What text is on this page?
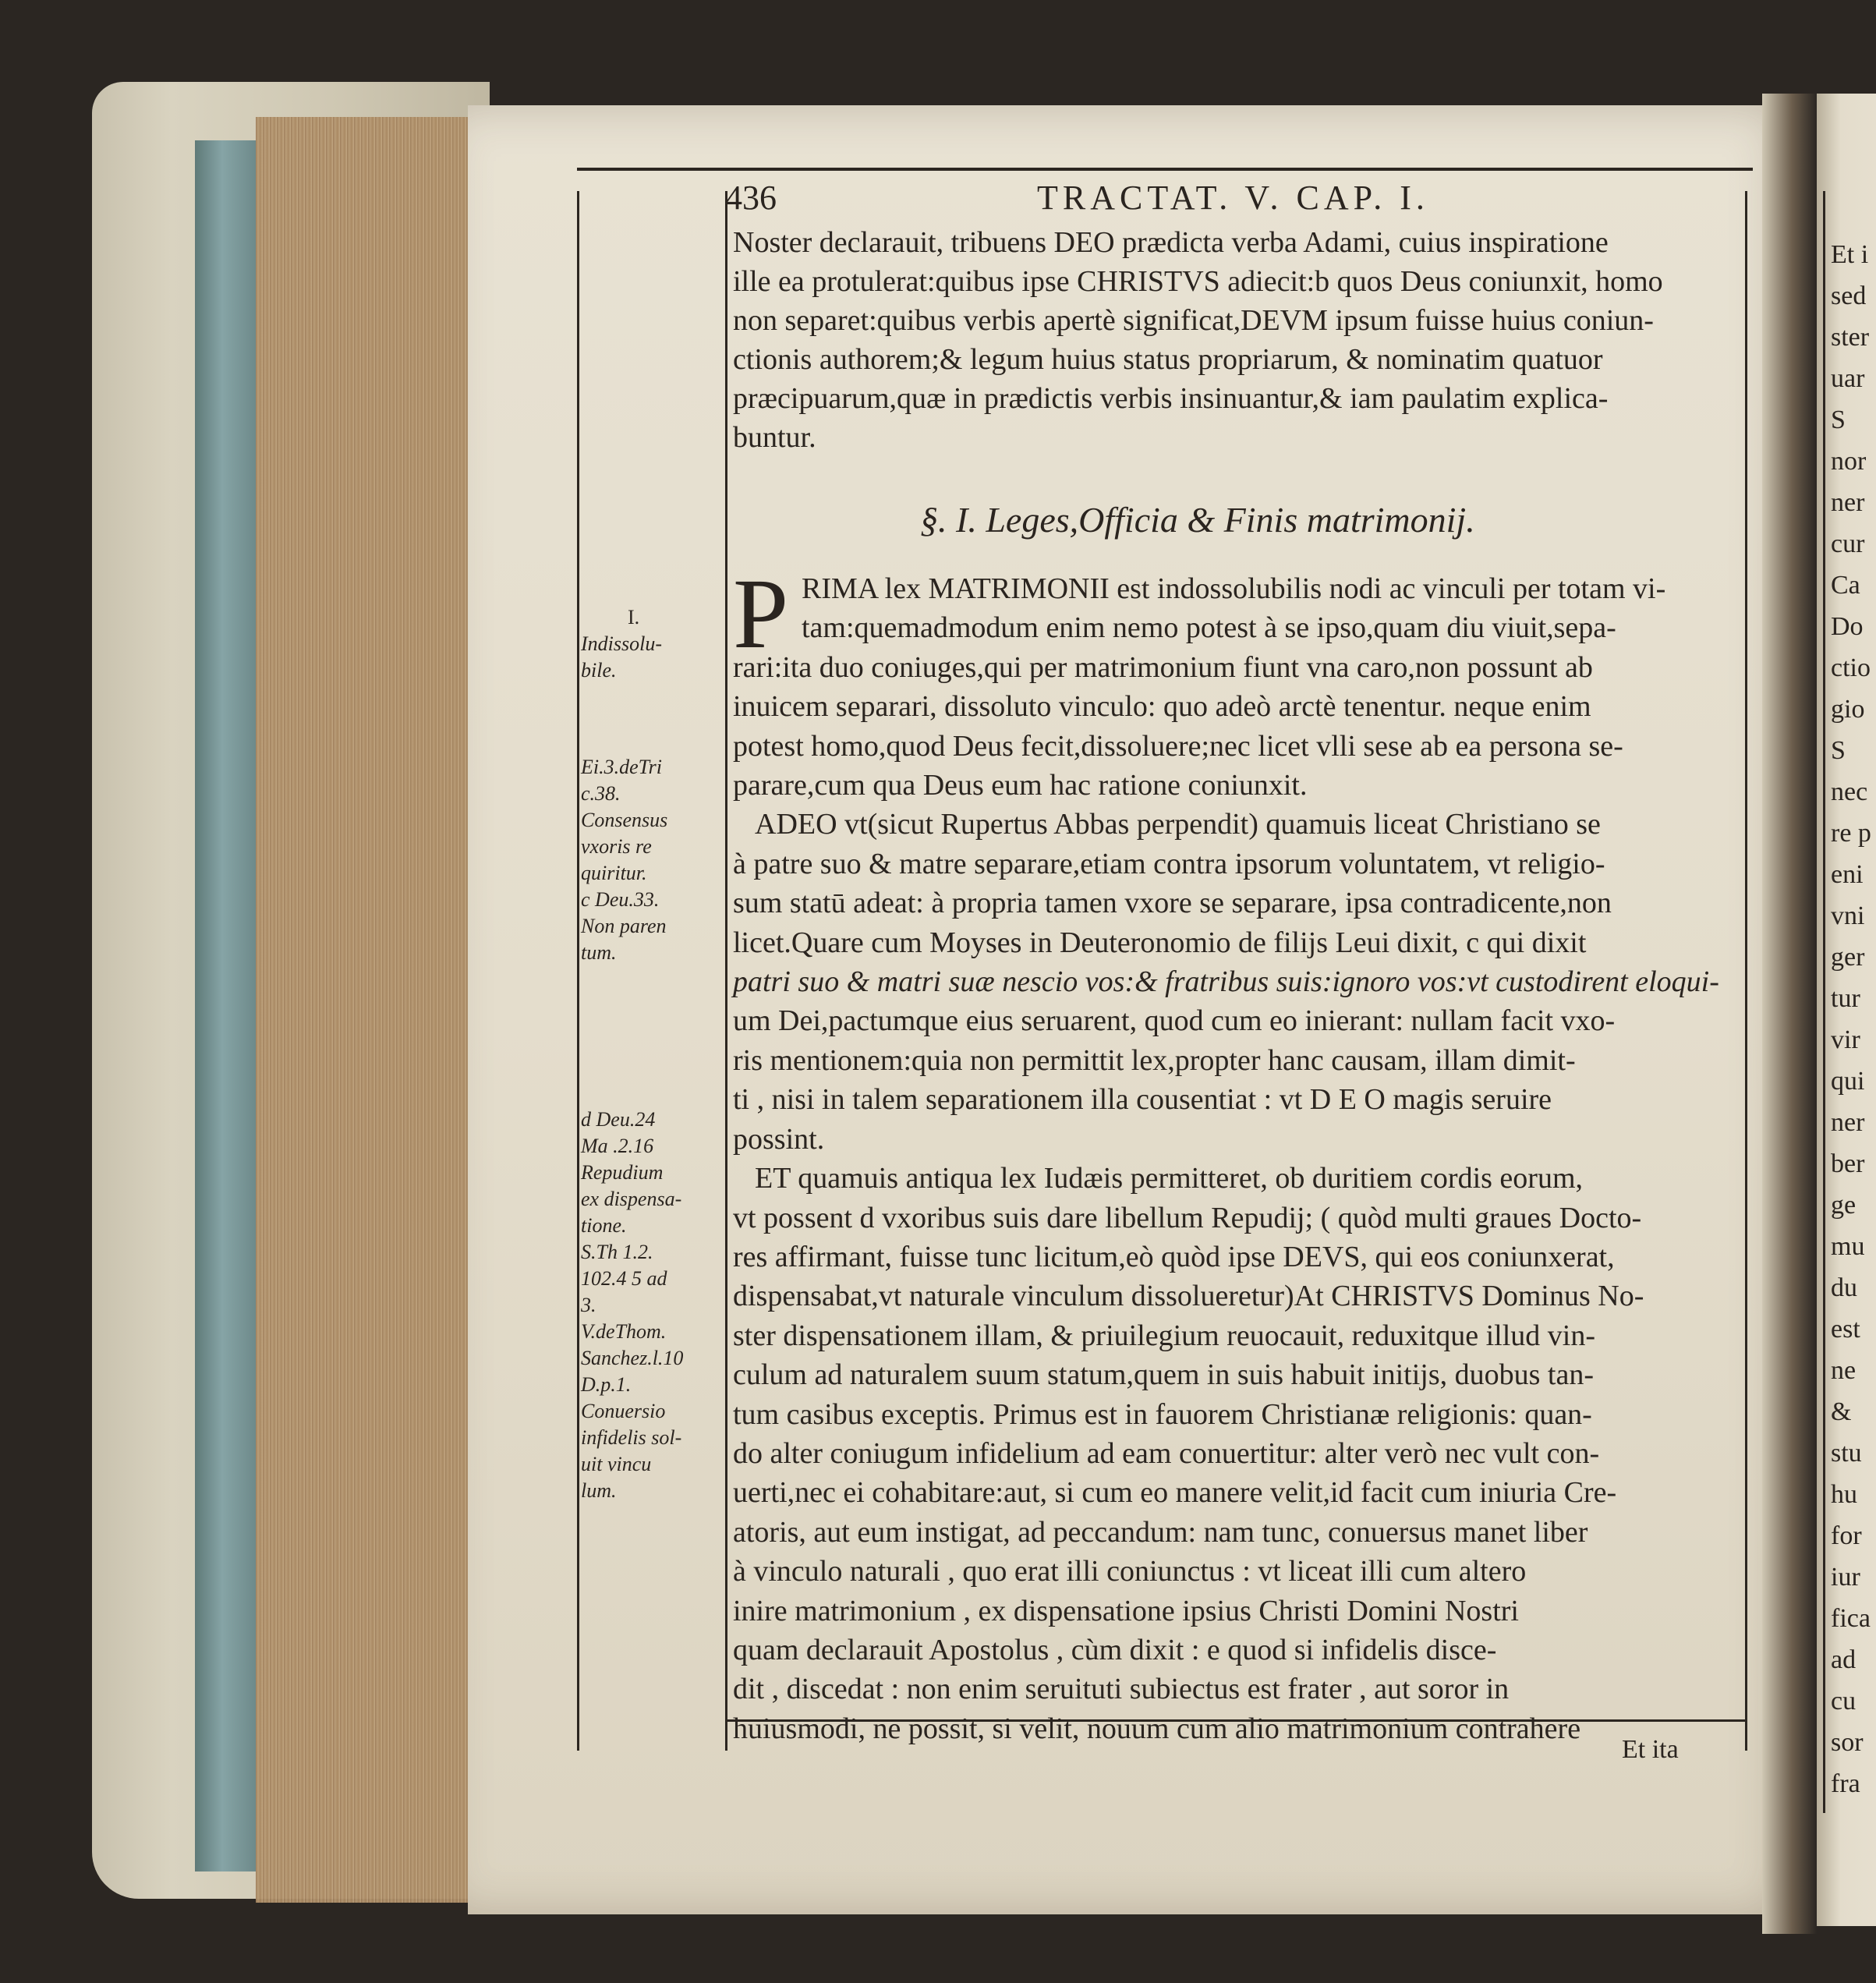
436	TRACTAT. V. CAP. I.
Noster declarauit, tribuens DEO prædicta verba Adami, cuius inspiratione
ille ea protulerat:quibus ipse CHRISTVS adiecit:b quos Deus coniunxit, homo
non separet:quibus verbis apertè significat,DEVM ipsum fuisse huius coniun-
ctionis authorem;& legum huius status propriarum, & nominatim quatuor
præcipuarum,quæ in prædictis verbis insinuantur,& iam paulatim explica-
buntur.
§. I. Leges,Officia & Finis matrimonij.
P RIMA lex MATRIMONII est indossolubilis nodi ac vinculi per totam vi-
tam:quemadmodum enim nemo potest à se ipso,quam diu viuit,sepa-
rari:ita duo coniuges,qui per matrimonium fiunt vna caro,non possunt ab
inuicem separari, dissoluto vinculo: quo adeò arctè tenentur. neque enim
potest homo,quod Deus fecit,dissoluere;nec licet vlli sese ab ea persona se-
parare,cum qua Deus eum hac ratione coniunxit.
ADEO vt(sicut Rupertus Abbas perpendit) quamuis liceat Christiano se
à patre suo & matre separare,etiam contra ipsorum voluntatem, vt religio-
sum statū adeat: à propria tamen vxore se separare, ipsa contradicente,non
licet.Quare cum Moyses in Deuteronomio de filijs Leui dixit, c qui dixit
patri suo & matri suæ nescio vos:& fratribus suis:ignoro vos:vt custodirent eloqui-
um Dei,pactumque eius seruarent, quod cum eo inierant: nullam facit vxo-
ris mentionem:quia non permittit lex,propter hanc causam, illam dimit-
ti , nisi in talem separationem illa cousentiat : vt D E O magis seruire
possint.
ET quamuis antiqua lex Iudæis permitteret, ob duritiem cordis eorum,
vt possent d vxoribus suis dare libellum Repudij; ( quòd multi graues Docto-
res affirmant, fuisse tunc licitum,eò quòd ipse DEVS, qui eos coniunxerat,
dispensabat,vt naturale vinculum dissolueretur)At CHRISTVS Dominus No-
ster dispensationem illam, & priuilegium reuocauit, reduxitque illud vin-
culum ad naturalem suum statum,quem in suis habuit initijs, duobus tan-
tum casibus exceptis. Primus est in fauorem Christianæ religionis: quan-
do alter coniugum infidelium ad eam conuertitur: alter verò nec vult con-
uerti,nec ei cohabitare:aut, si cum eo manere velit,id facit cum iniuria Cre-
atoris, aut eum instigat, ad peccandum: nam tunc, conuersus manet liber
à vinculo naturali , quo erat illi coniunctus : vt liceat illi cum altero
inire matrimonium , ex dispensatione ipsius Christi Domini Nostri
quam declarauit Apostolus , cùm dixit : e quod si infidelis disce-
dit , discedat : non enim seruituti subiectus est frater , aut soror in
huiusmodi, ne possit, si velit, nouum cum alio matrimonium contrahere
I.
Indissolu-
bile.
Ei.3.deTri
c.38.
Consensus
vxoris re
quiritur.
c Deu.33.
Non paren
tum.
d Deu.24
Ma .2.16
Repudium
ex dispensa-
tione.
S.Th 1.2.
102.4 5 ad
3.
V.deThom.
Sanchez.l.10
D.p.1.
Conuersio
infidelis sol-
uit vincu
lum.
Et ita
Et i
sed
ster
uar
S
nor
ner
cur
Ca
Do
ctio
gio
S
nec
re p
eni
vni
ger
tur
vir
qui
ner
ber
ge
mu
du
est
ne
&
stu
hu
for
iur
fica
ad
cu
sor
fra
